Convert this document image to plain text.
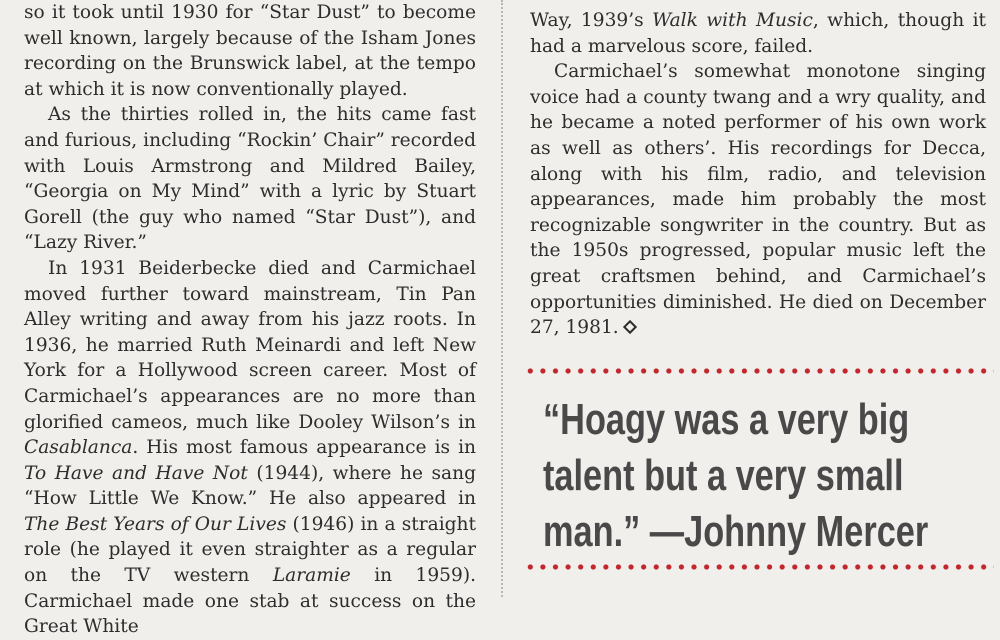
so it took until 1930 for “Star Dust” to become well known, largely because of the Isham Jones recording on the Brunswick label, at the tempo at which it is now conventionally played.

As the thirties rolled in, the hits came fast and furious, including “Rockin’ Chair” recorded with Louis Armstrong and Mildred Bailey, “Georgia on My Mind” with a lyric by Stuart Gorell (the guy who named “Star Dust”), and “Lazy River.”

In 1931 Beiderbecke died and Carmichael moved further toward mainstream, Tin Pan Alley writing and away from his jazz roots. In 1936, he married Ruth Meinardi and left New York for a Hollywood screen career. Most of Carmichael’s appearances are no more than glorified cameos, much like Dooley Wilson’s in Casablanca. His most famous appearance is in To Have and Have Not (1944), where he sang “How Little We Know.” He also appeared in The Best Years of Our Lives (1946) in a straight role (he played it even straighter as a regular on the TV western Laramie in 1959). Carmichael made one stab at success on the Great White

Way, 1939’s Walk with Music, which, though it had a marvelous score, failed.

Carmichael’s somewhat monotone singing voice had a county twang and a wry quality, and he became a noted performer of his own work as well as others’. His recordings for Decca, along with his film, radio, and television appearances, made him probably the most recognizable songwriter in the country. But as the 1950s progressed, popular music left the great craftsmen behind, and Carmichael’s opportunities diminished. He died on December 27, 1981.

“Hoagy was a very big
talent but a very small
man.” —Johnny Mercer
